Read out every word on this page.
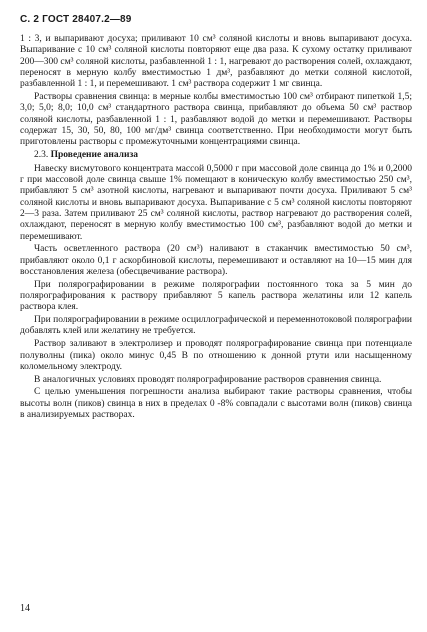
С. 2 ГОСТ 28407.2—89

1 : 3, и выпаривают досуха; приливают 10 см³ соляной кислоты и вновь выпаривают досуха. Выпаривание с 10 см³ соляной кислоты повторяют еще два раза. К сухому остатку приливают 200—300 см³ соляной кислоты, разбавленной 1 : 1, нагревают до растворения солей, охлаждают, переносят в мерную колбу вместимостью 1 дм³, разбавляют до метки соляной кислотой, разбавленной 1 : 1, и перемешивают. 1 см³ раствора содержит 1 мг свинца.

Растворы сравнения свинца: в мерные колбы вместимостью 100 см³ отбирают пипеткой 1,5; 3,0; 5,0; 8,0; 10,0 см³ стандартного раствора свинца, прибавляют до объема 50 см³ раствор соляной кислоты, разбавленной 1 : 1, разбавляют водой до метки и перемешивают. Растворы содержат 15, 30, 50, 80, 100 мг/дм³ свинца соответственно. При необходимости могут быть приготовлены растворы с промежуточными концентрациями свинца.

2.3. Проведение анализа

Навеску висмутового концентрата массой 0,5000 г при массовой доле свинца до 1% и 0,2000 г при массовой доле свинца свыше 1% помещают в коническую колбу вместимостью 250 см³, прибавляют 5 см³ азотной кислоты, нагревают и выпаривают почти досуха. Приливают 5 см³ соляной кислоты и вновь выпаривают досуха. Выпаривание с 5 см³ соляной кислоты повторяют 2—3 раза. Затем приливают 25 см³ соляной кислоты, раствор нагревают до растворения солей, охлаждают, переносят в мерную колбу вместимостью 100 см³, разбавляют водой до метки и перемешивают.

Часть осветленного раствора (20 см³) наливают в стаканчик вместимостью 50 см³, прибавляют около 0,1 г аскорбиновой кислоты, перемешивают и оставляют на 10—15 мин для восстановления железа (обесцвечивание раствора).

При полярографировании в режиме полярографии постоянного тока за 5 мин до полярографирования к раствору прибавляют 5 капель раствора желатины или 12 капель раствора клея.

При полярографировании в режиме осциллографической и переменнотоковой полярографии добавлять клей или желатину не требуется.

Раствор заливают в электролизер и проводят полярографирование свинца при потенциале полуволны (пика) около минус 0,45 В по отношению к донной ртути или насыщенному коломельному электроду.

В аналогичных условиях проводят полярографирование растворов сравнения свинца.

С целью уменьшения погрешности анализа выбирают такие растворы сравнения, чтобы высоты волн (пиков) свинца в них в пределах 0 -8% совпадали с высотами волн (пиков) свинца в анализируемых растворах.

14
